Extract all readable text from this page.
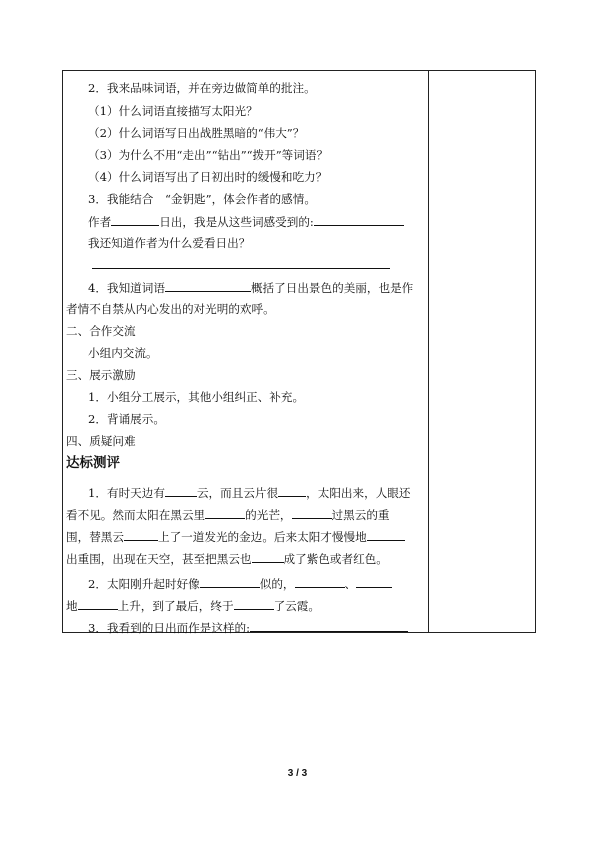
2．我来品味词语，并在旁边做简单的批注。
（1）什么词语直接描写太阳光？
（2）什么词语写日出战胜黑暗的“伟大”？
（3）为什么不用“走出”“钻出”“拨开”等词语？
（4）什么词语写出了日初出时的缓慢和吃力？
3．我能结合　“金钥匙”，体会作者的感情。
作者	日出，我是从这些词感受到的:
我还知道作者为什么爱看日出？
4．我知道词语	概括了日出景色的美丽，也是作
者情不自禁从内心发出的对光明的欢呼。
二、合作交流
小组内交流。
三、展示激励
1．小组分工展示，其他小组纠正、补充。
2．背诵展示。
四、质疑问难
达标测评
1．有时天边有	云，而且云片很 ，太阳出来，人眼还
看不见。然而太阳在黑云里	的光芒，	过黑云的重
围，替黑云	上了一道发光的金边。后来太阳才慢慢地
出重围，出现在天空，甚至把黑云也	成了紫色或者红色。
2．太阳刚升起时好像	似的，	、
地	上升，到了最后，终于	了云霞。
3．我看到的日出而作是这样的:
3 / 3
